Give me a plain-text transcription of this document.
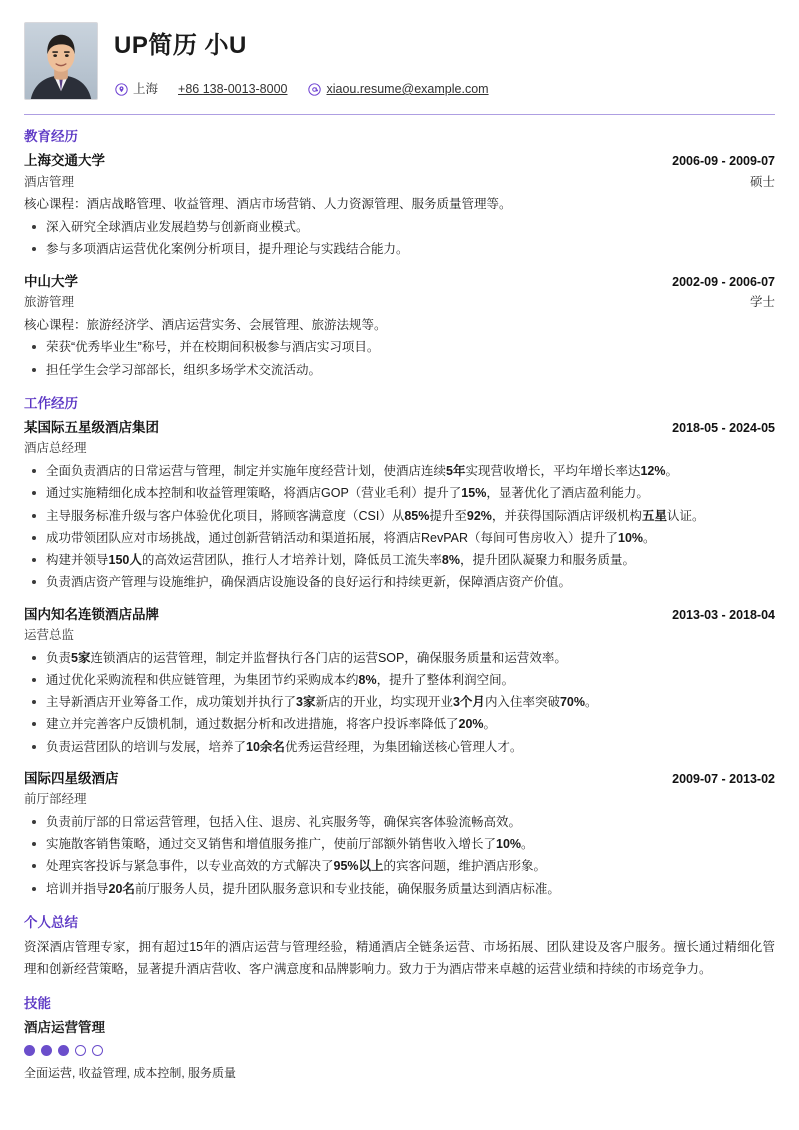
UP简历 小U
上海 +86 138-0013-8000	xiaou.resume@example.com
教育经历
上海交通大学	2006-09 - 2009-07
酒店管理	硕士
核心课程：酒店战略管理、收益管理、酒店市场营销、人力资源管理、服务质量管理等。
深入研究全球酒店业发展趋势与创新商业模式。
参与多项酒店运营优化案例分析项目，提升理论与实践结合能力。
中山大学	2002-09 - 2006-07
旅游管理	学士
核心课程：旅游经济学、酒店运营实务、会展管理、旅游法规等。
荣获“优秀毕业生”称号，并在校期间积极参与酒店实习项目。
担任学生会学习部部长，组织多场学术交流活动。
工作经历
某国际五星级酒店集团	2018-05 - 2024-05
酒店总经理
全面负责酒店的日常运营与管理，制定并实施年度经营计划，使酒店连续5年实现营收增长，平均年增长率达12%。
通过实施精细化成本控制和收益管理策略，将酒店GOP（营业毛利）提升了15%，显著优化了酒店盈利能力。
主导服务标准升级与客户体验优化项目，將顾客满意度（CSI）从85%提升至92%，并获得国际酒店评级机构五星认证。
成功带领团队应对市场挑战，通过创新营销活动和渠道拓展，将酒店RevPAR（每间可售房收入）提升了10%。
构建并领导150人的高效运营团队，推行人才培养计划，降低员工流失率8%，提升团队凝聚力和服务质量。
负责酒店资产管理与设施维护，确保酒店设施设备的良好运行和持续更新，保障酒店资产价值。
国内知名连锁酒店品牌	2013-03 - 2018-04
运营总监
负责5家连锁酒店的运营管理，制定并监督执行各门店的运营SOP，确保服务质量和运营效率。
通过优化采购流程和供应链管理，为集团节约采购成本约8%，提升了整体利润空间。
主导新酒店开业筹备工作，成功策划并执行了3家新店的开业，均实现开业3个月内入住率突破70%。
建立并完善客户反馈机制，通过数据分析和改进措施，将客户投诉率降低了20%。
负责运营团队的培训与发展，培养了10余名优秀运营经理，为集团输送核心管理人才。
国际四星级酒店	2009-07 - 2013-02
前厅部经理
负责前厅部的日常运营管理，包括入住、退房、礼宾服务等，确保宾客体验流畅高效。
实施散客销售策略，通过交叉销售和增值服务推广，使前厅部额外销售收入增长了10%。
处理宾客投诉与紧急事件，以专业高效的方式解决了95%以上的宾客问题，维护酒店形象。
培训并指导20名前厅服务人员，提升团队服务意识和专业技能，确保服务质量达到酒店标准。
个人总结
资深酒店管理专家，拥有超过15年的酒店运营与管理经验，精通酒店全链条运营、市场拓展、团队建设及客户服务。擅长通过精细化管理和创新经营策略，显著提升酒店营收、客户满意度和品牌影响力。致力于为酒店带来卓越的运营业绩和持续的市场竞争力。
技能
酒店运营管理
全面运营, 收益管理, 成本控制, 服务质量
